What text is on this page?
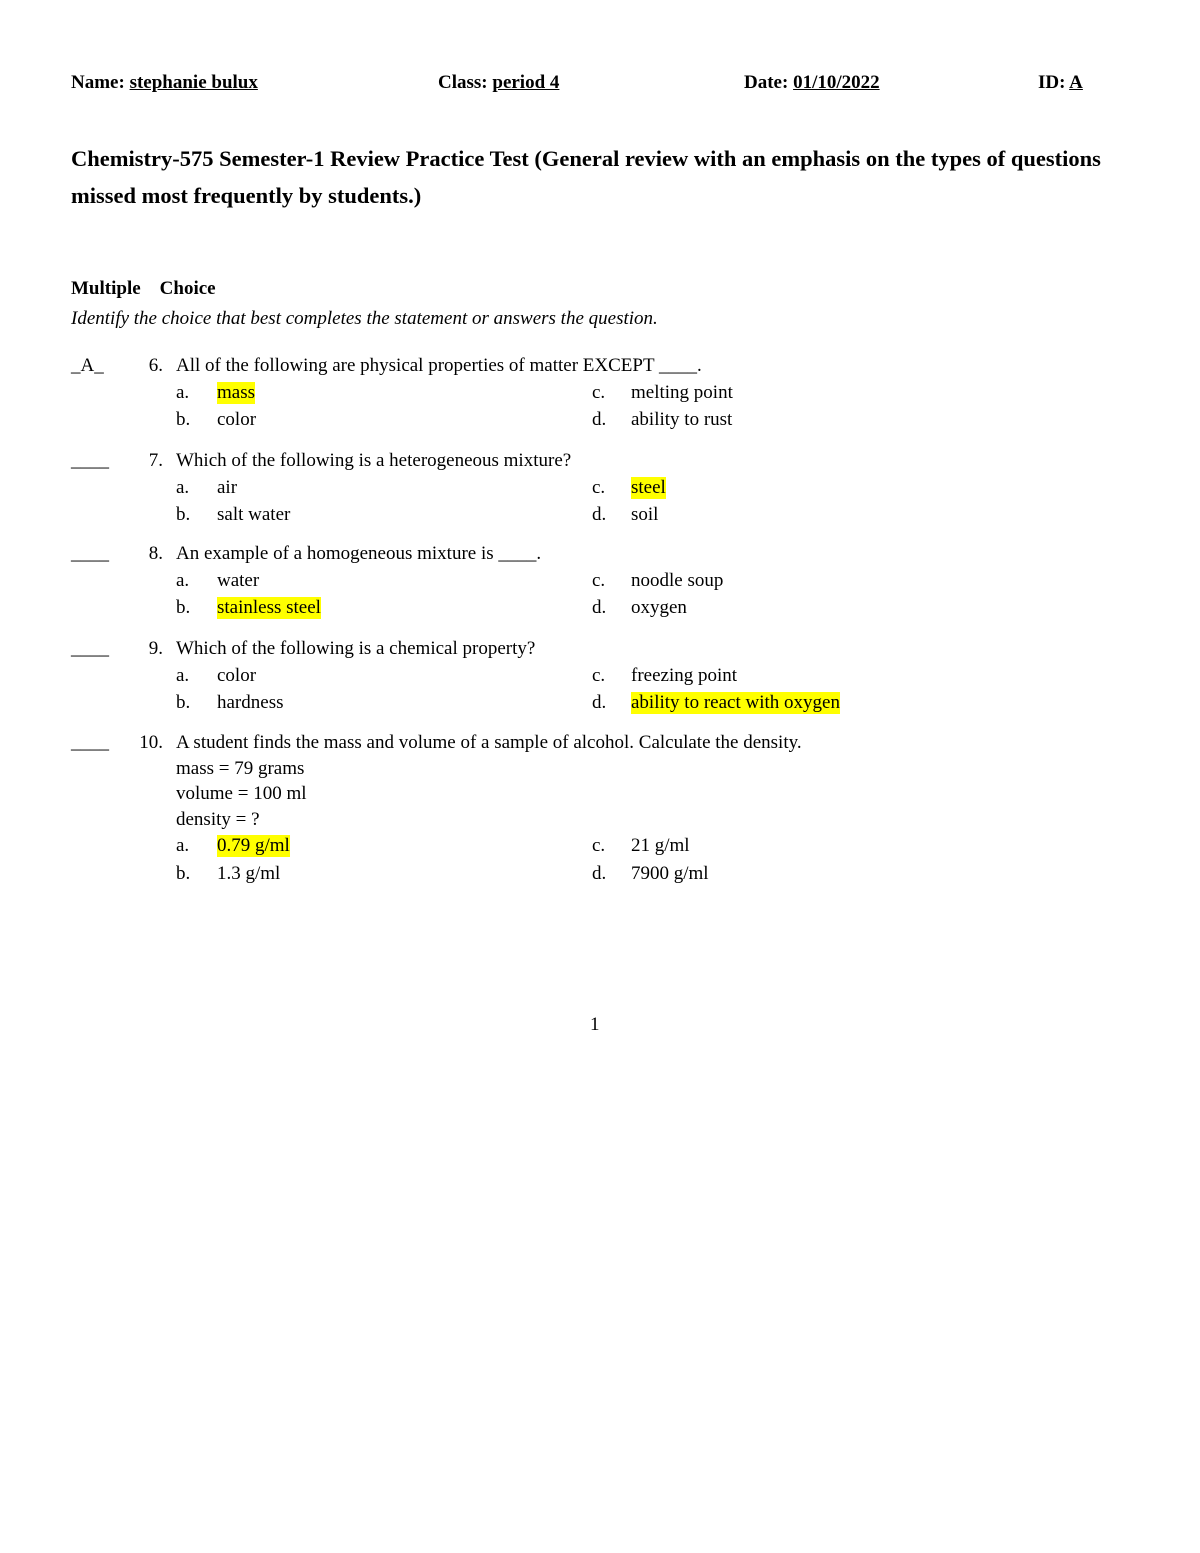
Name: stephanie bulux	Class: period 4	Date: 01/10/2022	ID: A
Chemistry-575 Semester-1 Review Practice Test (General review with an emphasis on the types of questions missed most frequently by students.)
Multiple    Choice
Identify the choice that best completes the statement or answers the question.
_A_	6. All of the following are physical properties of matter EXCEPT ____.
a. mass	c. melting point
b. color	d. ability to rust
____	7. Which of the following is a heterogeneous mixture?
a. air	c. steel
b. salt water	d. soil
____	8. An example of a homogeneous mixture is ____.
a. water	c. noodle soup
b. stainless steel	d. oxygen
____	9. Which of the following is a chemical property?
a. color	c. freezing point
b. hardness	d. ability to react with oxygen
____	10. A student finds the mass and volume of a sample of alcohol. Calculate the density.
mass = 79 grams
volume = 100 ml
density = ?
a. 0.79 g/ml	c. 21 g/ml
b. 1.3 g/ml	d. 7900 g/ml
1
